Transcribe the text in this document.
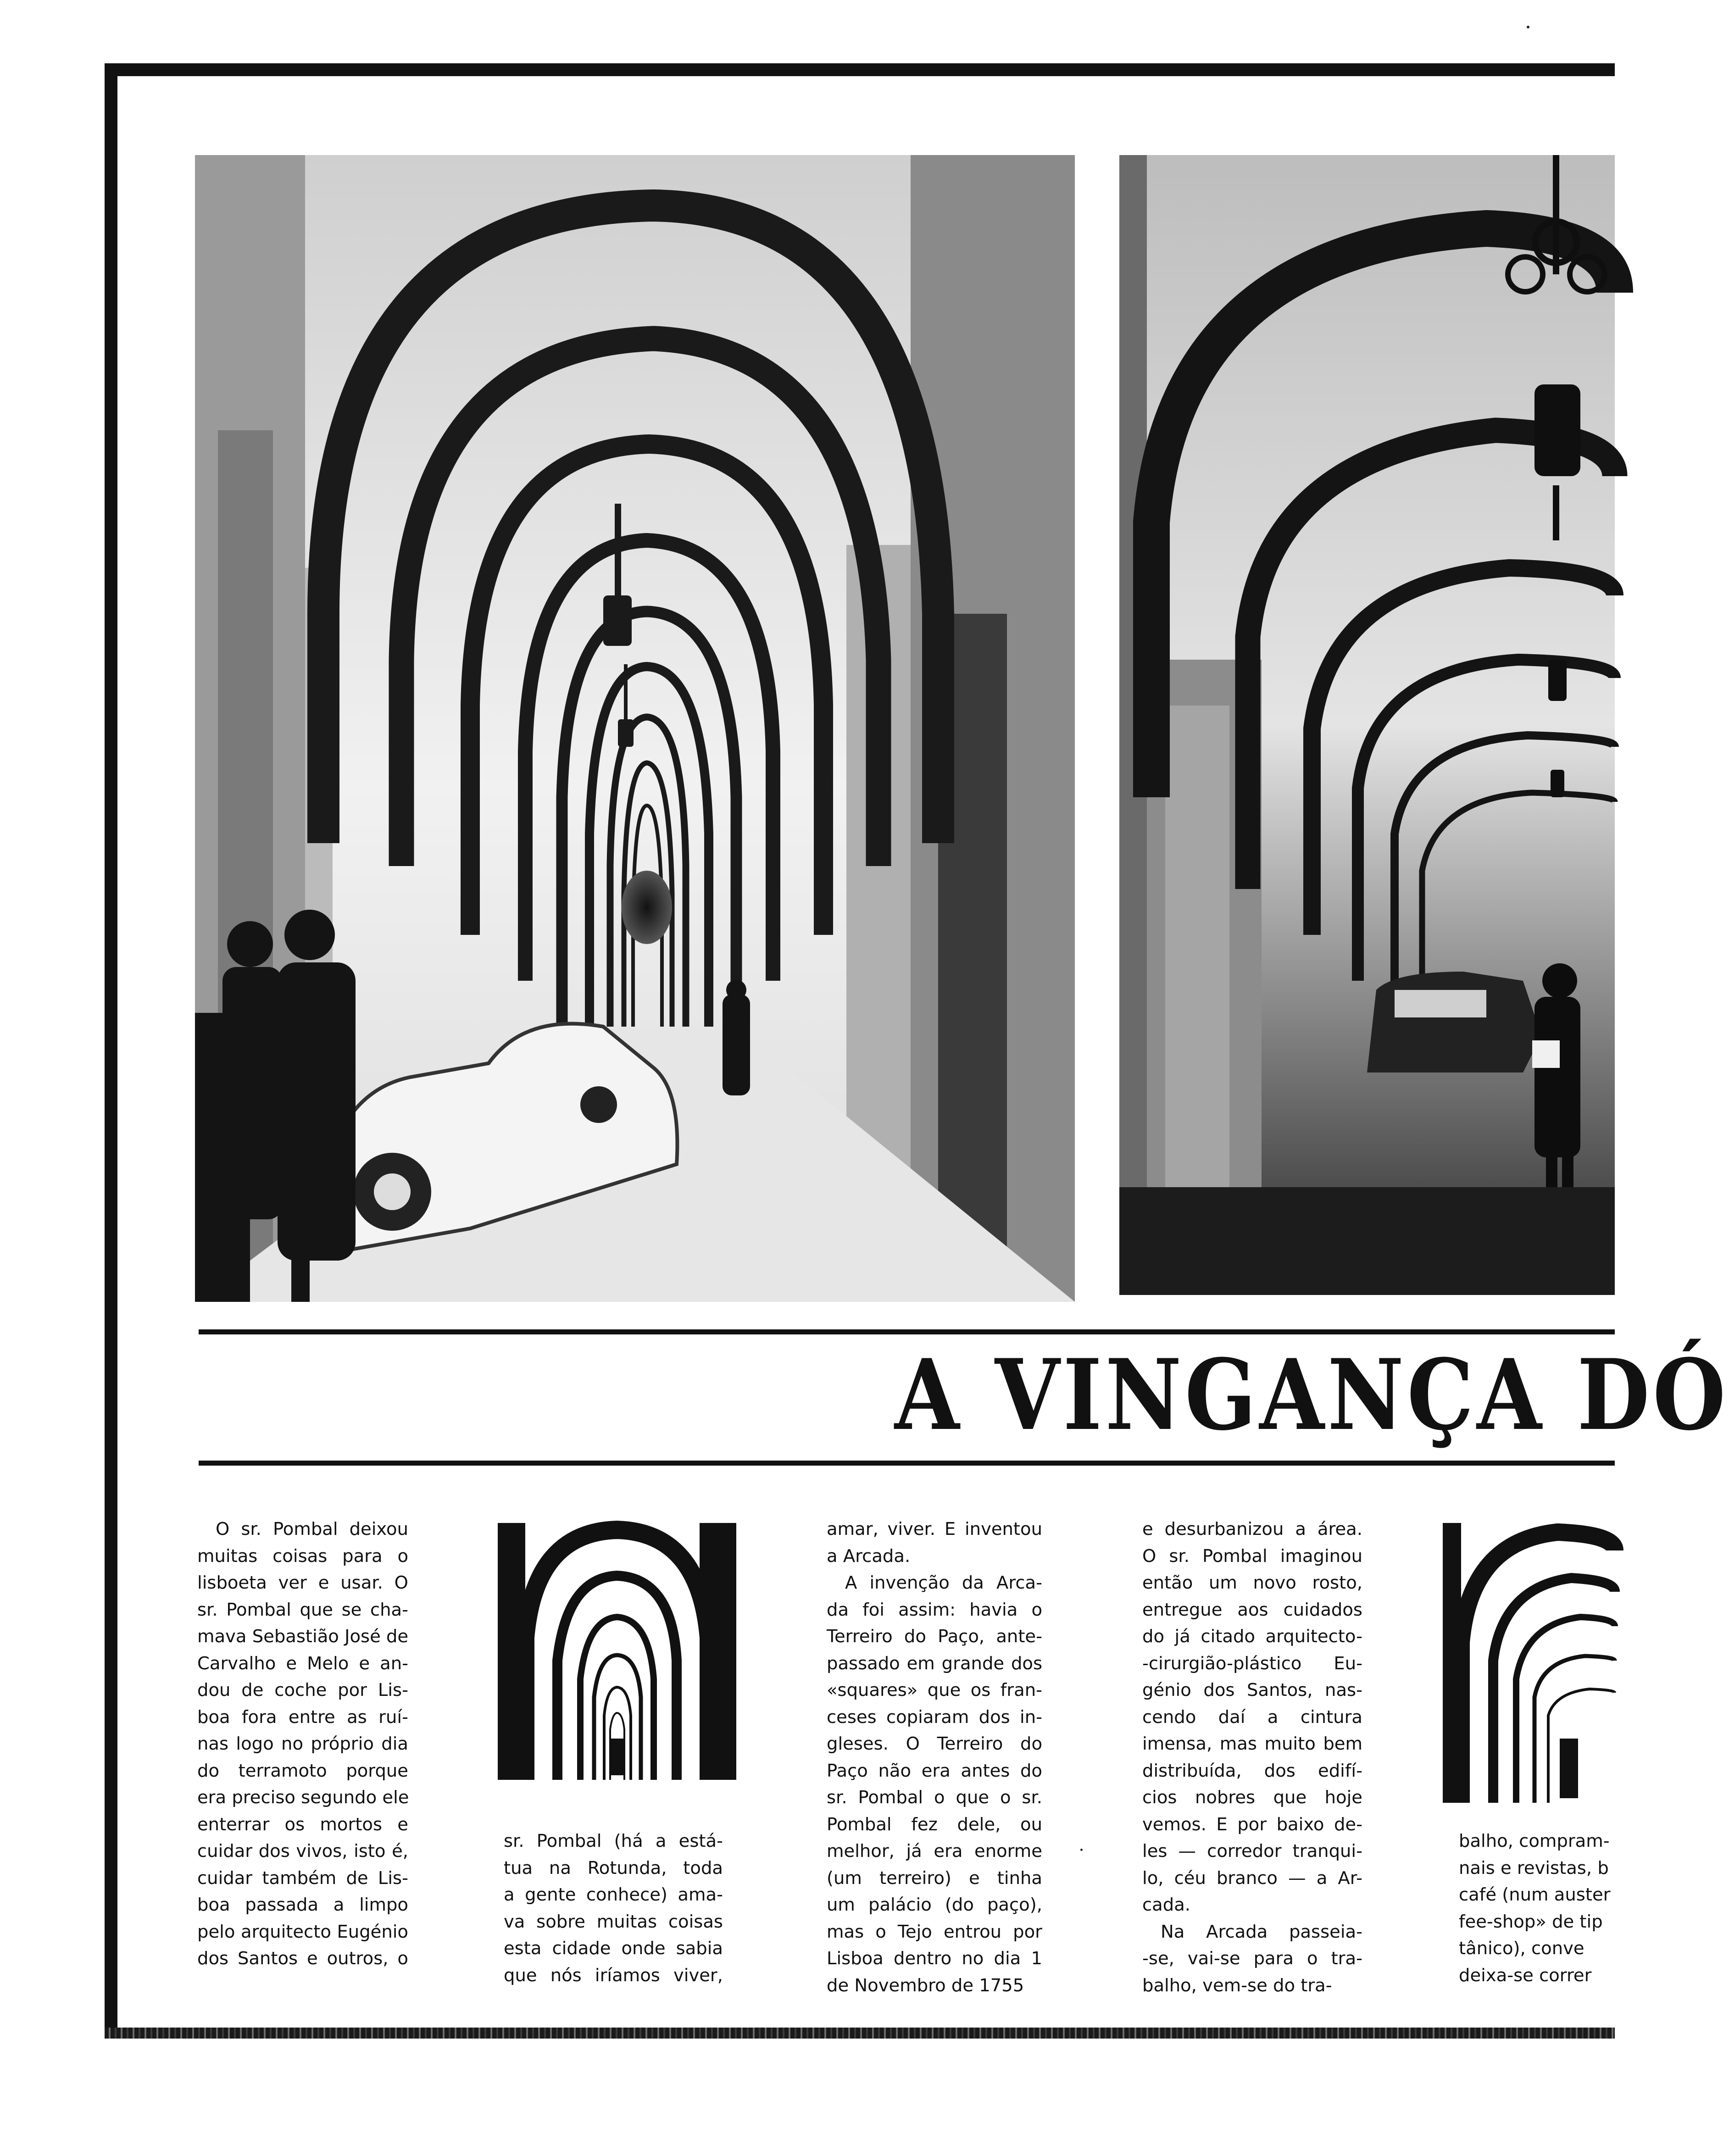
A VINGANÇA DÓ
O sr. Pombal deixou
muitas coisas para o
lisboeta ver e usar. O
sr. Pombal que se cha-
mava Sebastião José de
Carvalho e Melo e an-
dou de coche por Lis-
boa fora entre as ruí-
nas logo no próprio dia
do terramoto porque
era preciso segundo ele
enterrar os mortos e
cuidar dos vivos, isto é,
cuidar também de Lis-
boa passada a limpo
pelo arquitecto Eugénio
dos Santos e outros, o
sr. Pombal (há a está-
tua na Rotunda, toda
a gente conhece) ama-
va sobre muitas coisas
esta cidade onde sabia
que nós iríamos viver,
amar, viver. E inventou
a Arcada.
A invenção da Arca-
da foi assim: havia o
Terreiro do Paço, ante-
passado em grande dos
«squares» que os fran-
ceses copiaram dos in-
gleses. O Terreiro do
Paço não era antes do
sr. Pombal o que o sr.
Pombal fez dele, ou
melhor, já era enorme
(um terreiro) e tinha
um palácio (do paço),
mas o Tejo entrou por
Lisboa dentro no dia 1
de Novembro de 1755
e desurbanizou a área.
O sr. Pombal imaginou
então um novo rosto,
entregue aos cuidados
do já citado arquitecto-
-cirurgião-plástico Eu-
génio dos Santos, nas-
cendo daí a cintura
imensa, mas muito bem
distribuída, dos edifí-
cios nobres que hoje
vemos. E por baixo de-
les — corredor tranqui-
lo, céu branco — a Ar-
cada.
Na Arcada passeia-
-se, vai-se para o tra-
balho, vem-se do tra-
balho, compram-
nais e revistas, b
café (num auster
fee-shop» de tip
tânico), conve
deixa-se correr
